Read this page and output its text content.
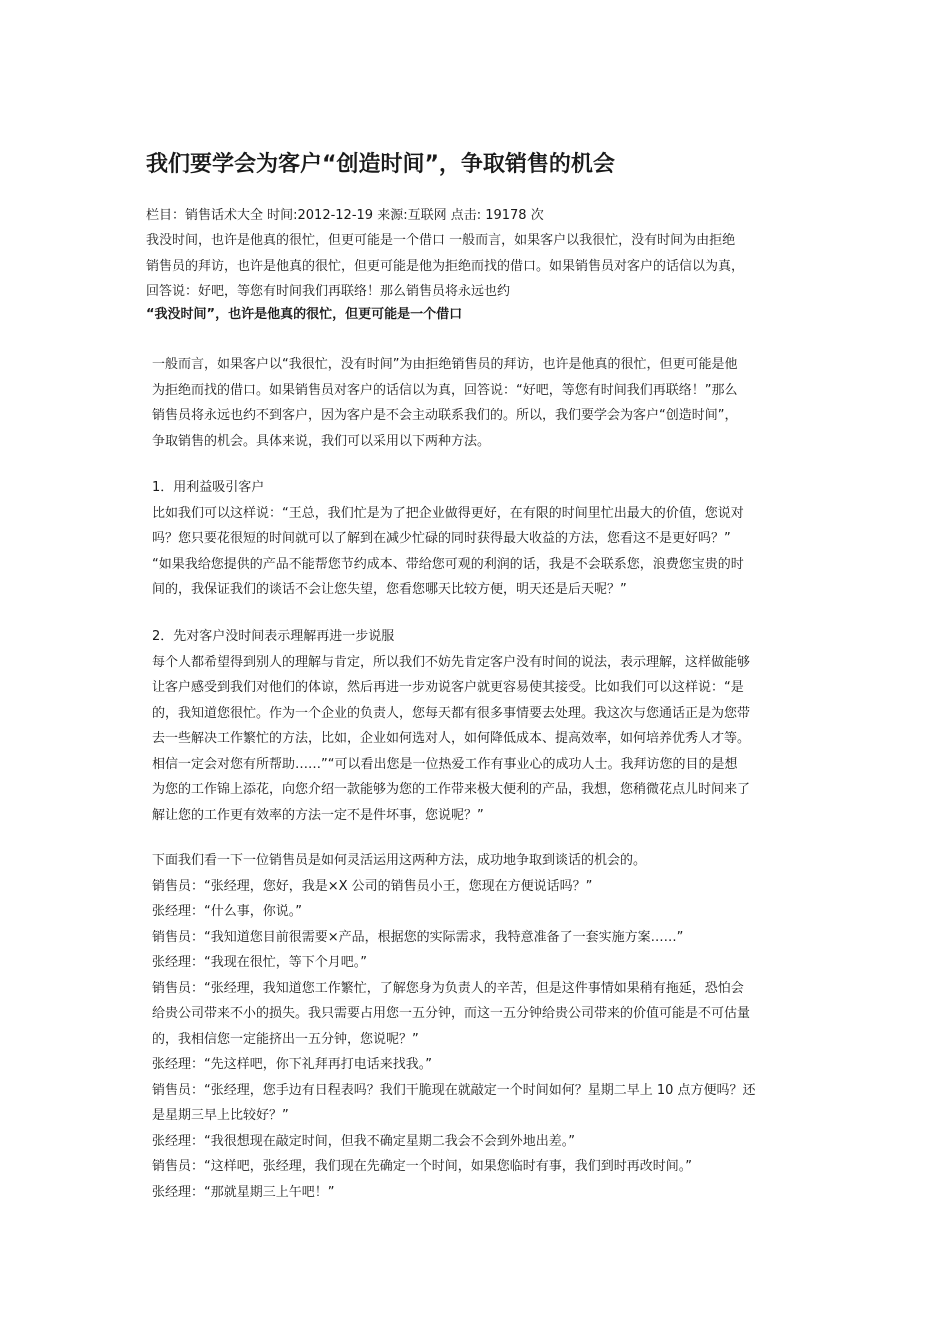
我们要学会为客户“创造时间”，争取销售的机会
栏目：销售话术大全 时间:2012-12-19 来源:互联网 点击: 19178 次
我没时间，也许是他真的很忙，但更可能是一个借口 一般而言，如果客户以我很忙，没有时间为由拒绝
销售员的拜访，也许是他真的很忙，但更可能是他为拒绝而找的借口。如果销售员对客户的话信以为真，
回答说：好吧，等您有时间我们再联络！那么销售员将永远也约
“我没时间”，也许是他真的很忙，但更可能是一个借口
一般而言，如果客户以“我很忙，没有时间”为由拒绝销售员的拜访，也许是他真的很忙，但更可能是他
为拒绝而找的借口。如果销售员对客户的话信以为真，回答说：“好吧，等您有时间我们再联络！”那么
销售员将永远也约不到客户，因为客户是不会主动联系我们的。所以，我们要学会为客户“创造时间”，
争取销售的机会。具体来说，我们可以采用以下两种方法。
1．用利益吸引客户
比如我们可以这样说：“王总，我们忙是为了把企业做得更好，在有限的时间里忙出最大的价值，您说对
吗？您只要花很短的时间就可以了解到在减少忙碌的同时获得最大收益的方法，您看这不是更好吗？”
“如果我给您提供的产品不能帮您节约成本、带给您可观的利润的话，我是不会联系您，浪费您宝贵的时
间的，我保证我们的谈话不会让您失望，您看您哪天比较方便，明天还是后天呢？”
2．先对客户没时间表示理解再进一步说服
每个人都希望得到别人的理解与肯定，所以我们不妨先肯定客户没有时间的说法，表示理解，这样做能够
让客户感受到我们对他们的体谅，然后再进一步劝说客户就更容易使其接受。比如我们可以这样说：“是
的，我知道您很忙。作为一个企业的负责人，您每天都有很多事情要去处理。我这次与您通话正是为您带
去一些解决工作繁忙的方法，比如，企业如何选对人，如何降低成本、提高效率，如何培养优秀人才等。
相信一定会对您有所帮助……”“可以看出您是一位热爱工作有事业心的成功人士。我拜访您的目的是想
为您的工作锦上添花，向您介绍一款能够为您的工作带来极大便利的产品，我想，您稍微花点儿时间来了
解让您的工作更有效率的方法一定不是件坏事，您说呢？”
下面我们看一下一位销售员是如何灵活运用这两种方法，成功地争取到谈话的机会的。
销售员：“张经理，您好，我是×X 公司的销售员小王，您现在方便说话吗？”
张经理：“什么事，你说。”
销售员：“我知道您目前很需要×产品，根据您的实际需求，我特意准备了一套实施方案……”
张经理：“我现在很忙，等下个月吧。”
销售员：“张经理，我知道您工作繁忙，了解您身为负责人的辛苦，但是这件事情如果稍有拖延，恐怕会
给贵公司带来不小的损失。我只需要占用您一五分钟，而这一五分钟给贵公司带来的价值可能是不可估量
的，我相信您一定能挤出一五分钟，您说呢？”
张经理：“先这样吧，你下礼拜再打电话来找我。”
销售员：“张经理，您手边有日程表吗？我们干脆现在就敲定一个时间如何？星期二早上 10 点方便吗？还
是星期三早上比较好？”
张经理：“我很想现在敲定时间，但我不确定星期二我会不会到外地出差。”
销售员：“这样吧，张经理，我们现在先确定一个时间，如果您临时有事，我们到时再改时间。”
张经理：“那就星期三上午吧！”
